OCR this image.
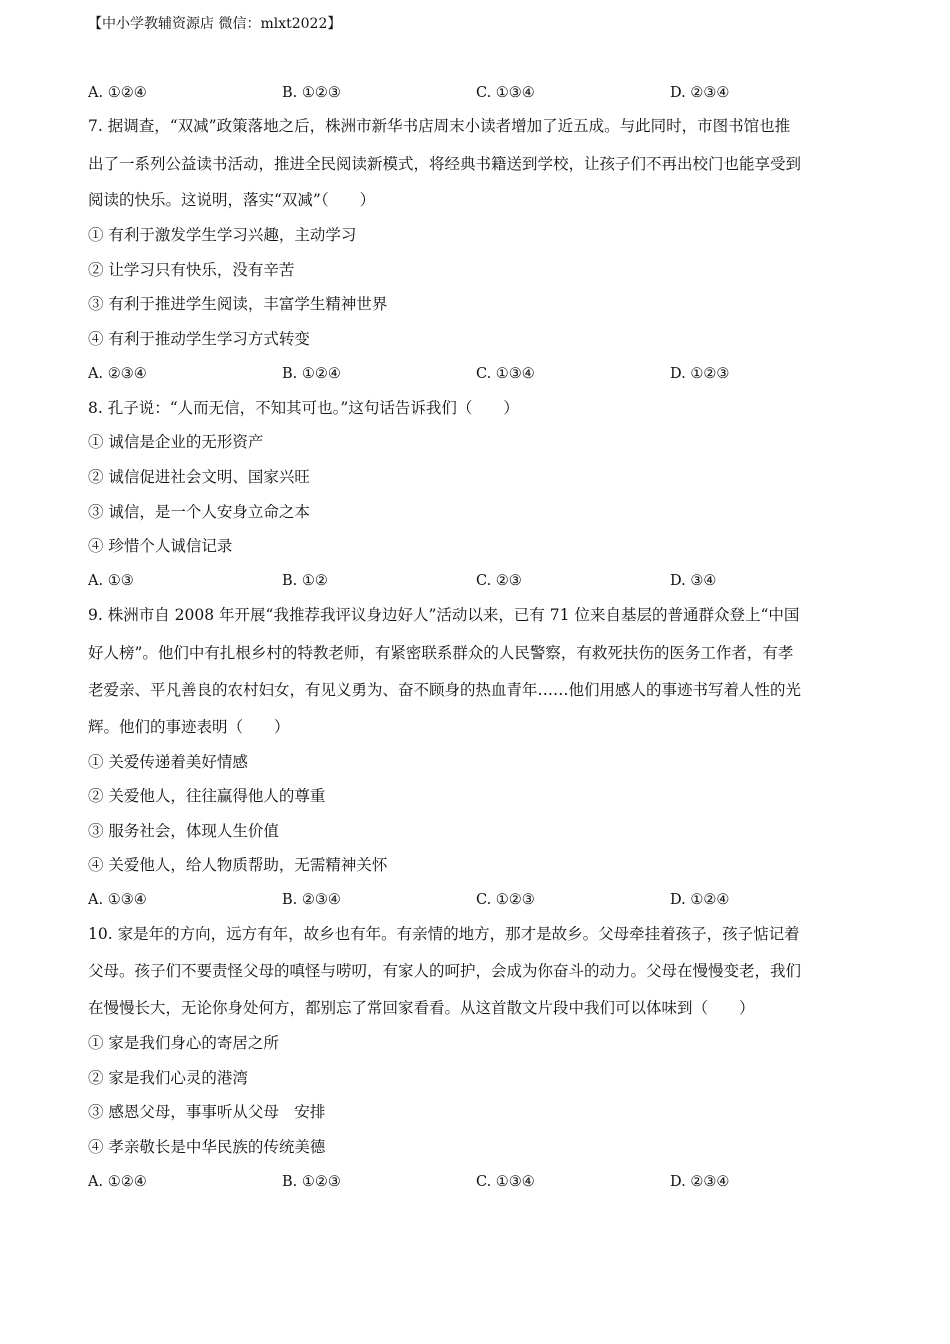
【中小学教辅资源店 微信：mlxt2022】
A. ①②④	B. ①②③	C. ①③④	D. ②③④
7. 据调查，“双减”政策落地之后，株洲市新华书店周末小读者增加了近五成。与此同时，市图书馆也推
出了一系列公益读书活动，推进全民阅读新模式，将经典书籍送到学校，让孩子们不再出校门也能享受到
阅读的快乐。这说明，落实“双减”（　　）
① 有利于激发学生学习兴趣，主动学习
② 让学习只有快乐，没有辛苦
③ 有利于推进学生阅读，丰富学生精神世界
④ 有利于推动学生学习方式转变
A. ②③④	B. ①②④	C. ①③④	D. ①②③
8. 孔子说：“人而无信，不知其可也。”这句话告诉我们（　　）
① 诚信是企业的无形资产
② 诚信促进社会文明、国家兴旺
③ 诚信，是一个人安身立命之本
④ 珍惜个人诚信记录
A. ①③	B. ①②	C. ②③	D. ③④
9. 株洲市自 2008 年开展“我推荐我评议身边好人”活动以来，已有 71 位来自基层的普通群众登上“中国
好人榜”。他们中有扎根乡村的特教老师，有紧密联系群众的人民警察，有救死扶伤的医务工作者，有孝
老爱亲、平凡善良的农村妇女，有见义勇为、奋不顾身的热血青年……他们用感人的事迹书写着人性的光
辉。他们的事迹表明（　　）
① 关爱传递着美好情感
② 关爱他人，往往赢得他人的尊重
③ 服务社会，体现人生价值
④ 关爱他人，给人物质帮助，无需精神关怀
A. ①③④	B. ②③④	C. ①②③	D. ①②④
10. 家是年的方向，远方有年，故乡也有年。有亲情的地方，那才是故乡。父母牵挂着孩子，孩子惦记着
父母。孩子们不要责怪父母的嗔怪与唠叨，有家人的呵护，会成为你奋斗的动力。父母在慢慢变老，我们
在慢慢长大，无论你身处何方，都别忘了常回家看看。从这首散文片段中我们可以体味到（　　）
① 家是我们身心的寄居之所
② 家是我们心灵的港湾
③ 感恩父母，事事听从父母　安排
④ 孝亲敬长是中华民族的传统美德
A. ①②④	B. ①②③	C. ①③④	D. ②③④
